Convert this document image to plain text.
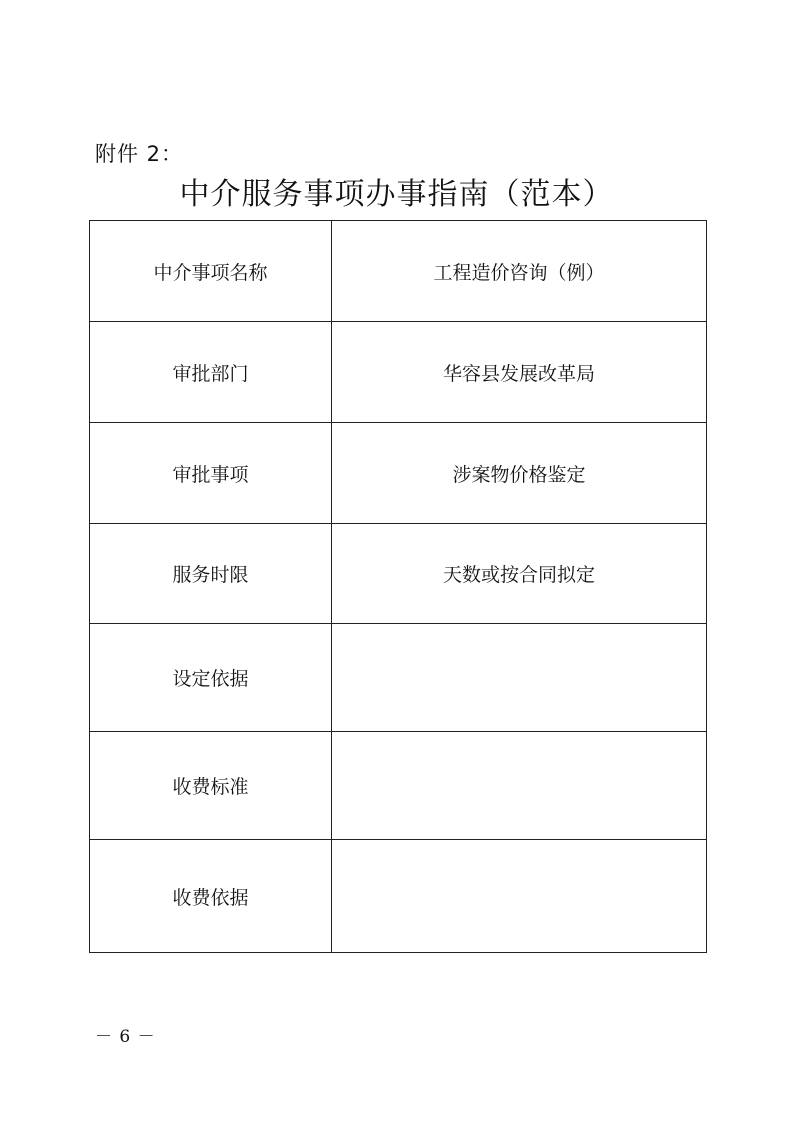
附件 2：
中介服务事项办事指南（范本）
中介事项名称	工程造价咨询（例）
审批部门	华容县发展改革局
审批事项	涉案物价格鉴定
服务时限	天数或按合同拟定
设定依据	
收费标准	
收费依据	
－ 6 －
